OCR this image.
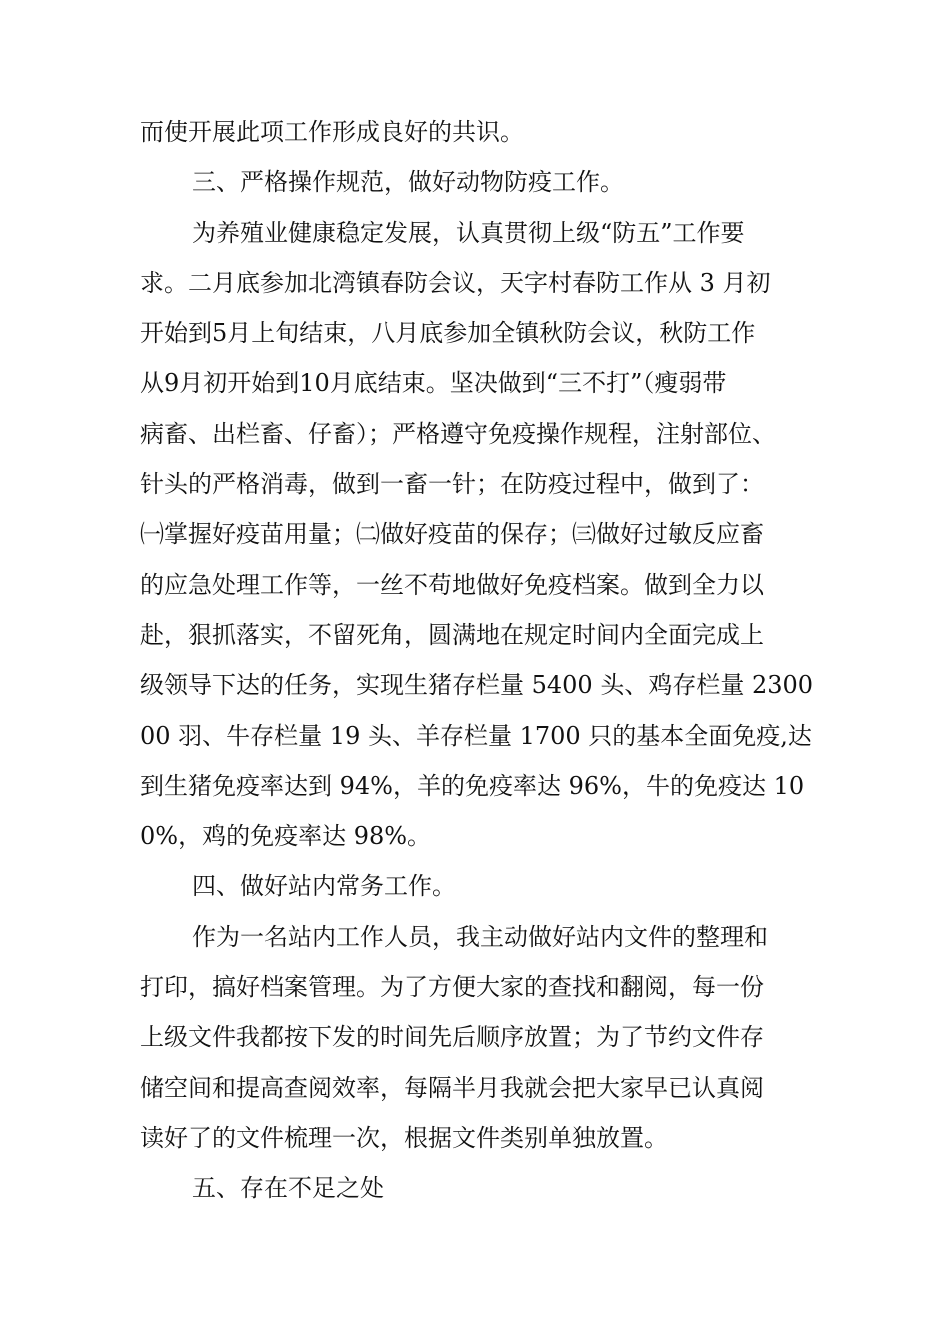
而使开展此项工作形成良好的共识。
三、严格操作规范，做好动物防疫工作。
为养殖业健康稳定发展，认真贯彻上级“防五”工作要
求。二月底参加北湾镇春防会议，天字村春防工作从 3 月初
开始到5月上旬结束，八月底参加全镇秋防会议，秋防工作
从9月初开始到10月底结束。坚决做到“三不打”（瘦弱带
病畜、出栏畜、仔畜）；严格遵守免疫操作规程，注射部位、
针头的严格消毒，做到一畜一针；在防疫过程中，做到了：
㈠掌握好疫苗用量；㈡做好疫苗的保存；㈢做好过敏反应畜
的应急处理工作等，一丝不苟地做好免疫档案。做到全力以
赴，狠抓落实，不留死角，圆满地在规定时间内全面完成上
级领导下达的任务，实现生猪存栏量 5400 头、鸡存栏量 2300
00 羽、牛存栏量 19 头、羊存栏量 1700 只的基本全面免疫,达
到生猪免疫率达到 94%，羊的免疫率达 96%，牛的免疫达 10
0%，鸡的免疫率达 98%。
四、做好站内常务工作。
作为一名站内工作人员，我主动做好站内文件的整理和
打印，搞好档案管理。为了方便大家的查找和翻阅，每一份
上级文件我都按下发的时间先后顺序放置；为了节约文件存
储空间和提高查阅效率，每隔半月我就会把大家早已认真阅
读好了的文件梳理一次，根据文件类别单独放置。
五、存在不足之处
